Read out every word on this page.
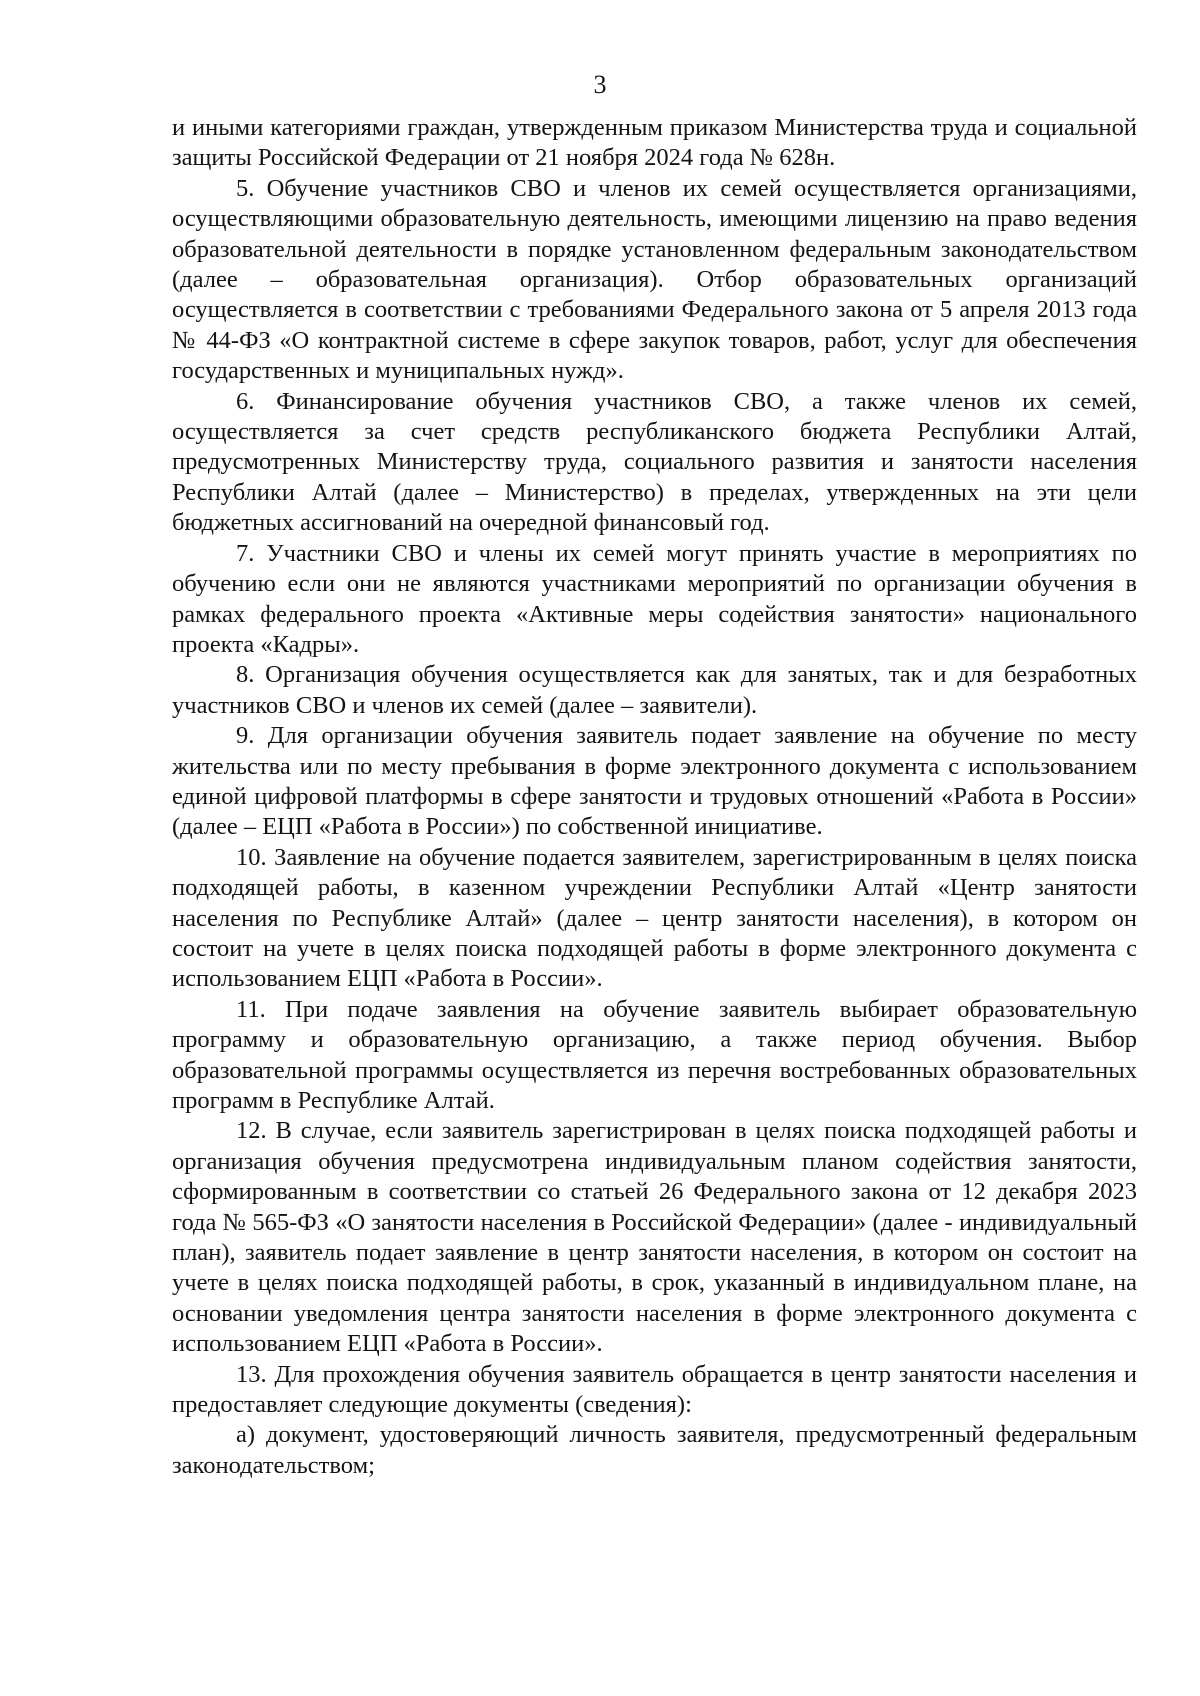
3

и иными категориями граждан, утвержденным приказом Министерства труда и социальной защиты Российской Федерации от 21 ноября 2024 года № 628н.

5. Обучение участников СВО и членов их семей осуществляется организациями, осуществляющими образовательную деятельность, имеющими лицензию на право ведения образовательной деятельности в порядке установленном федеральным законодательством (далее – образовательная организация). Отбор образовательных организаций осуществляется в соответствии с требованиями Федерального закона от 5 апреля 2013 года № 44-ФЗ «О контрактной системе в сфере закупок товаров, работ, услуг для обеспечения государственных и муниципальных нужд».

6. Финансирование обучения участников СВО, а также членов их семей, осуществляется за счет средств республиканского бюджета Республики Алтай, предусмотренных Министерству труда, социального развития и занятости населения Республики Алтай (далее – Министерство) в пределах, утвержденных на эти цели бюджетных ассигнований на очередной финансовый год.

7. Участники СВО и члены их семей могут принять участие в мероприятиях по обучению если они не являются участниками мероприятий по организации обучения в рамках федерального проекта «Активные меры содействия занятости» национального проекта «Кадры».

8. Организация обучения осуществляется как для занятых, так и для безработных участников СВО и членов их семей (далее – заявители).

9. Для организации обучения заявитель подает заявление на обучение по месту жительства или по месту пребывания в форме электронного документа с использованием единой цифровой платформы в сфере занятости и трудовых отношений «Работа в России» (далее – ЕЦП «Работа в России») по собственной инициативе.

10. Заявление на обучение подается заявителем, зарегистрированным в целях поиска подходящей работы, в казенном учреждении Республики Алтай «Центр занятости населения по Республике Алтай» (далее – центр занятости населения), в котором он состоит на учете в целях поиска подходящей работы в форме электронного документа с использованием ЕЦП «Работа в России».

11. При подаче заявления на обучение заявитель выбирает образовательную программу и образовательную организацию, а также период обучения. Выбор образовательной программы осуществляется из перечня востребованных образовательных программ в Республике Алтай.

12. В случае, если заявитель зарегистрирован в целях поиска подходящей работы и организация обучения предусмотрена индивидуальным планом содействия занятости, сформированным в соответствии со статьей 26 Федерального закона от 12 декабря 2023 года № 565-ФЗ «О занятости населения в Российской Федерации» (далее - индивидуальный план), заявитель подает заявление в центр занятости населения, в котором он состоит на учете в целях поиска подходящей работы, в срок, указанный в индивидуальном плане, на основании уведомления центра занятости населения в форме электронного документа с использованием ЕЦП «Работа в России».

13. Для прохождения обучения заявитель обращается в центр занятости населения и предоставляет следующие документы (сведения):

а) документ, удостоверяющий личность заявителя, предусмотренный федеральным законодательством;
